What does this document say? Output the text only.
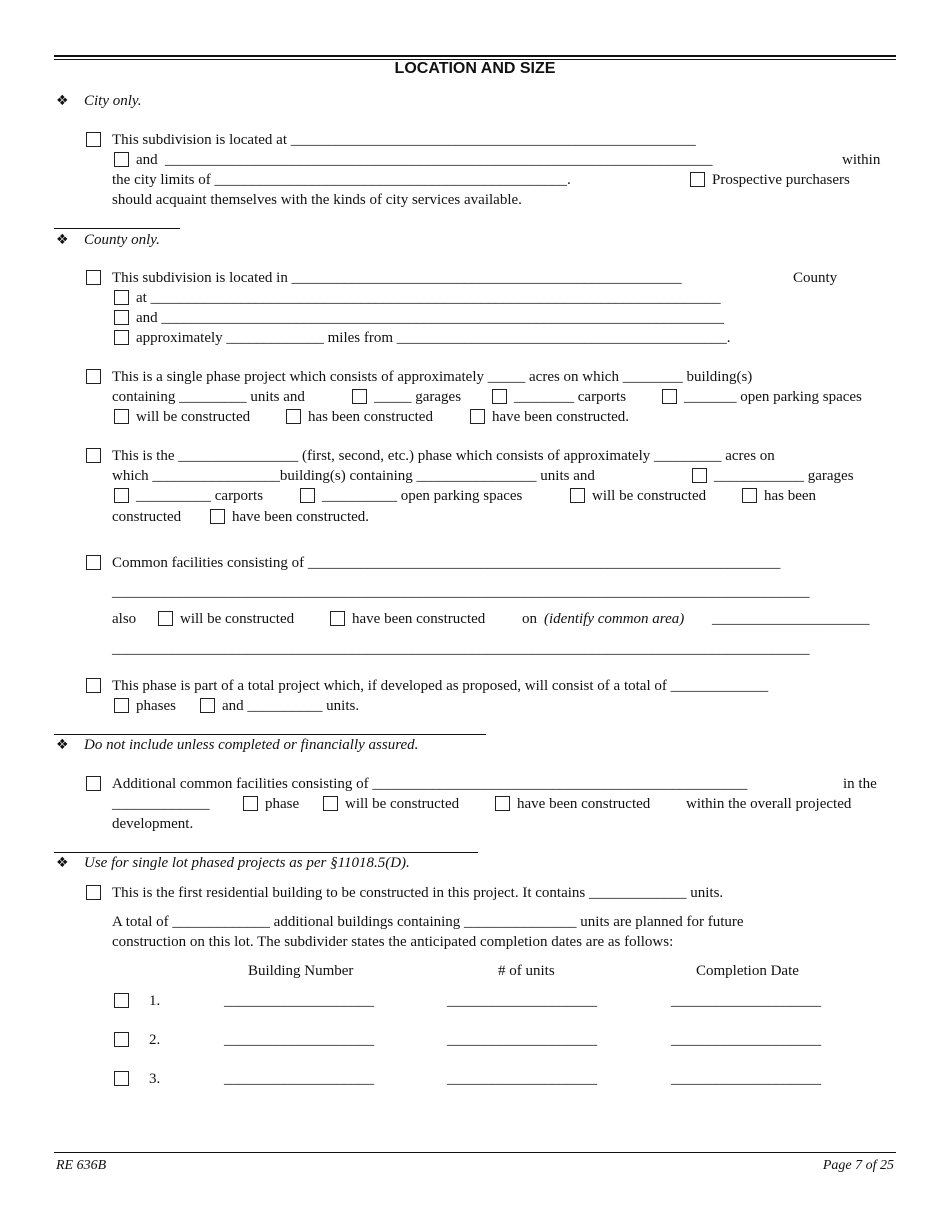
LOCATION AND SIZE
❖ City only.
This subdivision is located at ______________________________________________________
and _________________________________________________________________________	within
the city limits of _______________________________________________.	Prospective purchasers
should acquaint themselves with the kinds of city services available.
❖ County only.
This subdivision is located in ____________________________________________________	County
at ____________________________________________________________________________
and ___________________________________________________________________________
approximately _____________ miles from ____________________________________________.
This is a single phase project which consists of approximately _____ acres on which ________ building(s)
containing _________ units and	_____ garages	________ carports	_______ open parking spaces
will be constructed	has been constructed	have been constructed.
This is the ________________ (first, second, etc.) phase which consists of approximately _________ acres on
which _________________building(s) containing ________________ units and	____________ garages
__________ carports	__________ open parking spaces	will be constructed	has been
constructed	have been constructed.
Common facilities consisting of _______________________________________________________________
_____________________________________________________________________________________________
also	will be constructed	have been constructed on (identify common area) _____________________
_____________________________________________________________________________________________
This phase is part of a total project which, if developed as proposed, will consist of a total of _____________
phases	and __________ units.
❖ Do not include unless completed or financially assured.
Additional common facilities consisting of __________________________________________________	in the
_____________	phase	will be constructed	have been constructed within the overall projected
development.
❖ Use for single lot phased projects as per §11018.5(D).
This is the first residential building to be constructed in this project. It contains _____________ units.
A total of _____________ additional buildings containing _______________ units are planned for future
construction on this lot. The subdivider states the anticipated completion dates are as follows:
Building Number	# of units	Completion Date
1.	____________________	____________________	____________________
2.	____________________	____________________	____________________
3.	____________________	____________________	____________________
RE 636B	Page 7 of 25
